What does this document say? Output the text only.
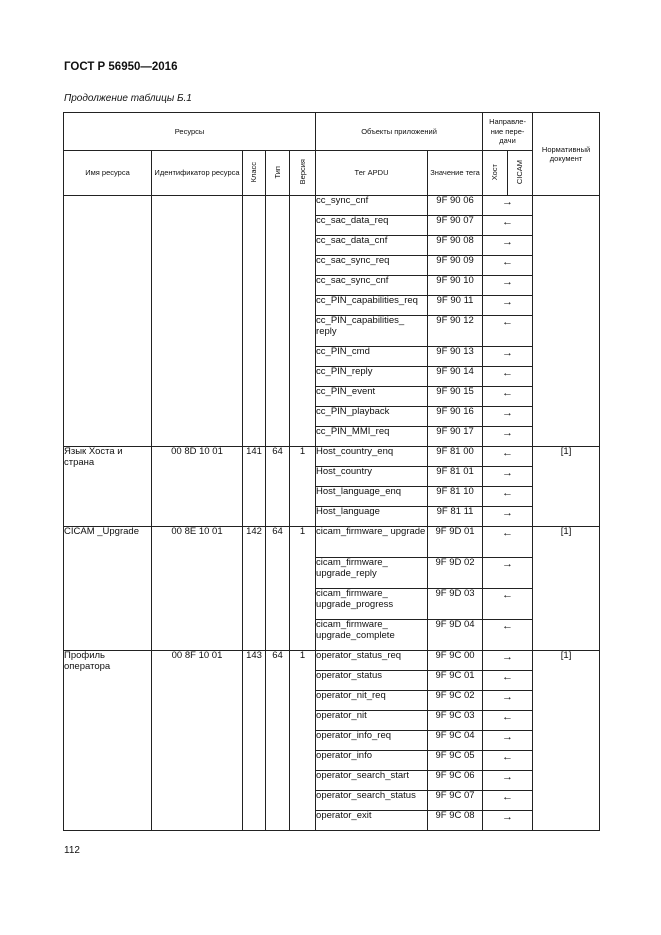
ГОСТ Р 56950—2016
Продолжение таблицы Б.1
Ресурсы					Объекты приложений		Направле-ние пере-дачи		Нормативный документ
Имя ресурса	Идентификатор ресурса	Класс	Тип	Версия	Тег APDU	Значение тега	Хост	CICAM	
					cc_sync_cnf	9F 90 06	→		
					cc_sac_data_req	9F 90 07	←		
					cc_sac_data_cnf	9F 90 08	→		
					cc_sac_sync_req	9F 90 09	←		
					cc_sac_sync_cnf	9F 90 10	→		
					cc_PIN_capabilities_req	9F 90 11	→		
					cc_PIN_capabilities_ reply	9F 90 12	←		
					cc_PIN_cmd	9F 90 13	→		
					cc_PIN_reply	9F 90 14	←		
					cc_PIN_event	9F 90 15	←		
					cc_PIN_playback	9F 90 16	→		
					cc_PIN_MMI_req	9F 90 17	→		
Язык Хоста и страна	00 8D 10 01	141	64	1	Host_country_enq	9F 81 00	←		[1]
					Host_country	9F 81 01	→		
					Host_language_enq	9F 81 10	←		
					Host_language	9F 81 11	→		
CICAM _Upgrade	00 8E 10 01	142	64	1	cicam_firmware_ upgrade	9F 9D 01	←		[1]
					cicam_firmware_ upgrade_reply	9F 9D 02	→		
					cicam_firmware_ upgrade_progress	9F 9D 03	←		
					cicam_firmware_ upgrade_complete	9F 9D 04	←		
Профиль оператора	00 8F 10 01	143	64	1	operator_status_req	9F 9C 00	→		[1]
					operator_status	9F 9C 01	←		
					operator_nit_req	9F 9C 02	→		
					operator_nit	9F 9C 03	←		
					operator_info_req	9F 9C 04	→		
					operator_info	9F 9C 05	←		
					operator_search_start	9F 9C 06	→		
					operator_search_status	9F 9C 07	←		
					operator_exit	9F 9C 08	→		
112
